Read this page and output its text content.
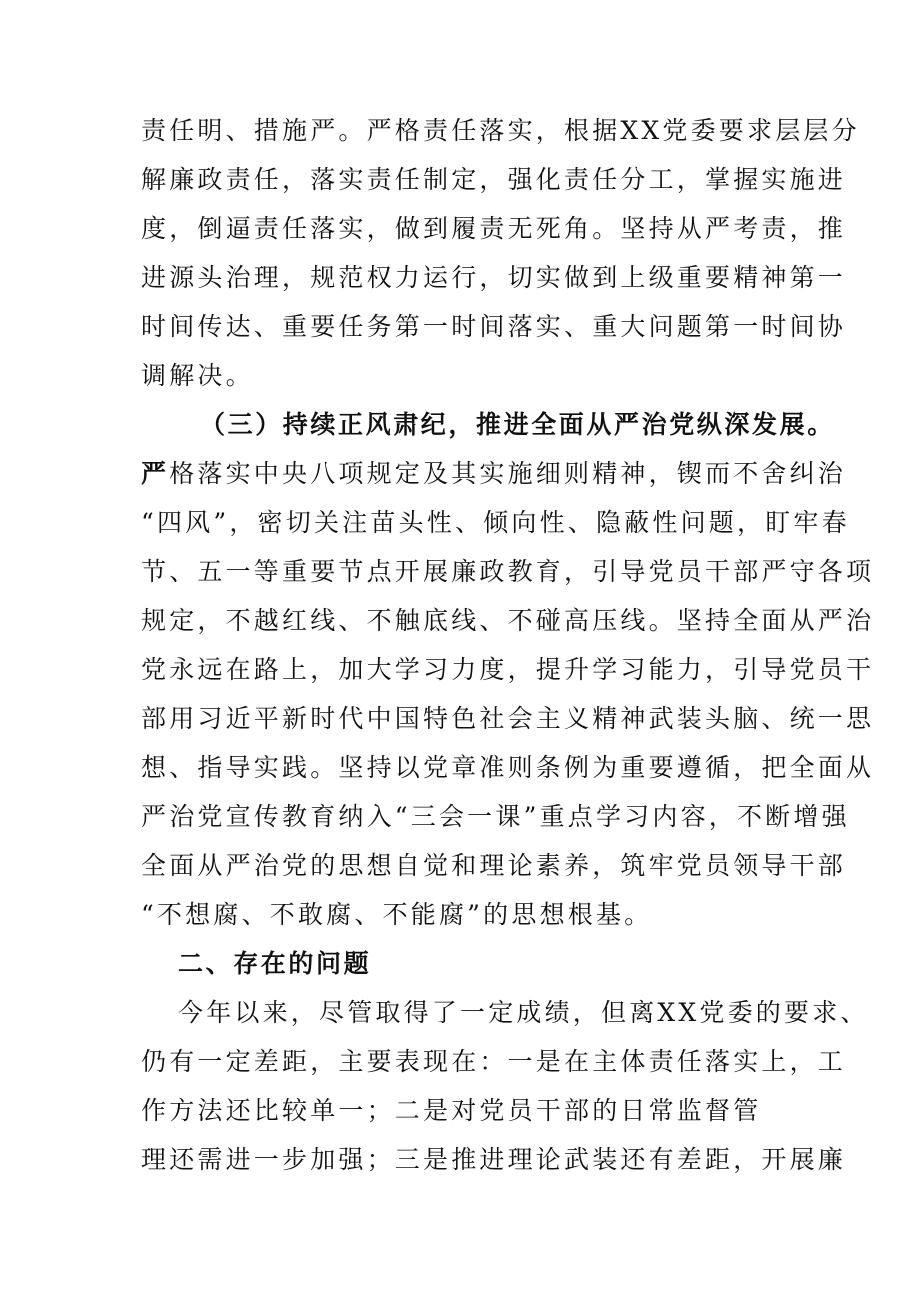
责任明、措施严。严格责任落实，根据XX党委要求层层分
解廉政责任，落实责任制定，强化责任分工，掌握实施进
度，倒逼责任落实，做到履责无死角。坚持从严考责，推
进源头治理，规范权力运行，切实做到上级重要精神第一
时间传达、重要任务第一时间落实、重大问题第一时间协
调解决。
（三）持续正风肃纪，推进全面从严治党纵深发展。
严格落实中央八项规定及其实施细则精神，锲而不舍纠治
“四风”，密切关注苗头性、倾向性、隐蔽性问题，盯牢春
节、五一等重要节点开展廉政教育，引导党员干部严守各项
规定，不越红线、不触底线、不碰高压线。坚持全面从严治
党永远在路上，加大学习力度，提升学习能力，引导党员干
部用习近平新时代中国特色社会主义精神武装头脑、统一思
想、指导实践。坚持以党章准则条例为重要遵循，把全面从
严治党宣传教育纳入“三会一课”重点学习内容，不断增强
全面从严治党的思想自觉和理论素养，筑牢党员领导干部
“不想腐、不敢腐、不能腐”的思想根基。
二、存在的问题
今年以来，尽管取得了一定成绩，但离XX党委的要求、
仍有一定差距，主要表现在：一是在主体责任落实上，工
作方法还比较单一；二是对党员干部的日常监督管
理还需进一步加强；三是推进理论武装还有差距，开展廉
